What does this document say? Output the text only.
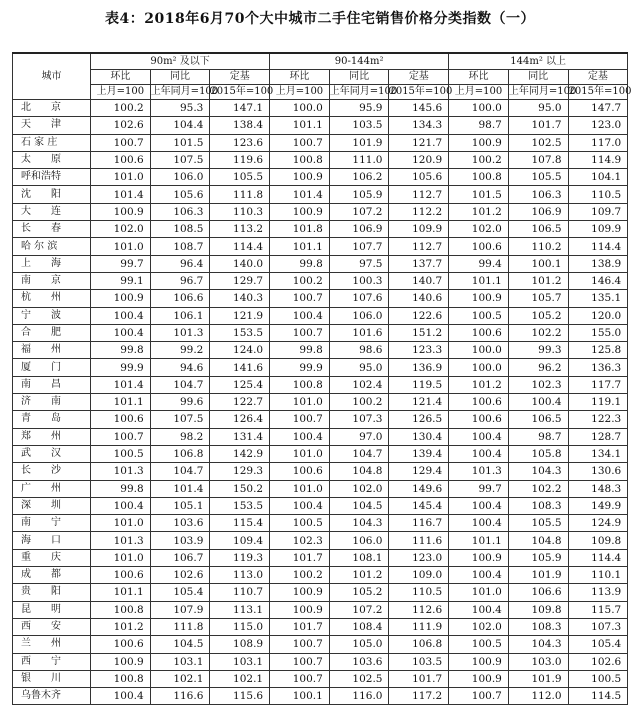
表4：2018年6月70个大中城市二手住宅销售价格分类指数（一）
城市	90m² 及以下			90-144m²			144m² 以上		
	环比	同比	定基	环比	同比	定基	环比	同比	定基
	上月=100	上年同月=100	2015年=100	上月=100	上年同月=100	2015年=100	上月=100	上年同月=100	2015年=100
北　　京	100.2	95.3	147.1	100.0	95.9	145.6	100.0	95.0	147.7
天　　津	102.6	104.4	138.4	101.1	103.5	134.3	98.7	101.7	123.0
石 家 庄	100.7	101.5	123.6	100.7	101.9	121.7	100.9	102.5	117.0
太　　原	100.6	107.5	119.6	100.8	111.0	120.9	100.2	107.8	114.9
呼和浩特	101.0	106.0	105.5	100.9	106.2	105.6	100.8	105.5	104.1
沈　　阳	101.4	105.6	111.8	101.4	105.9	112.7	101.5	106.3	110.5
大　　连	100.9	106.3	110.3	100.9	107.2	112.2	101.2	106.9	109.7
长　　春	102.0	108.5	113.2	101.8	106.9	109.9	102.0	106.5	109.9
哈 尔 滨	101.0	108.7	114.4	101.1	107.7	112.7	100.6	110.2	114.4
上　　海	99.7	96.4	140.0	99.8	97.5	137.7	99.4	100.1	138.9
南　　京	99.1	96.7	129.7	100.2	100.3	140.7	101.1	101.2	146.4
杭　　州	100.9	106.6	140.3	100.7	107.6	140.6	100.9	105.7	135.1
宁　　波	100.4	106.1	121.9	100.4	106.0	122.6	100.5	105.2	120.0
合　　肥	100.4	101.3	153.5	100.7	101.6	151.2	100.6	102.2	155.0
福　　州	99.8	99.2	124.0	99.8	98.6	123.3	100.0	99.3	125.8
厦　　门	99.9	94.6	141.6	99.9	95.0	136.9	100.0	96.2	136.3
南　　昌	101.4	104.7	125.4	100.8	102.4	119.5	101.2	102.3	117.7
济　　南	101.1	99.6	122.7	101.0	100.2	121.4	100.6	100.4	119.1
青　　岛	100.6	107.5	126.4	100.7	107.3	126.5	100.6	106.5	122.3
郑　　州	100.7	98.2	131.4	100.4	97.0	130.4	100.4	98.7	128.7
武　　汉	100.5	106.8	142.9	101.0	104.7	139.4	100.4	105.8	134.1
长　　沙	101.3	104.7	129.3	100.6	104.8	129.4	101.3	104.3	130.6
广　　州	99.8	101.4	150.2	101.0	102.0	149.6	99.7	102.2	148.3
深　　圳	100.4	105.1	153.5	100.4	104.5	145.4	100.4	108.3	149.9
南　　宁	101.0	103.6	115.4	100.5	104.3	116.7	100.4	105.5	124.9
海　　口	101.3	103.9	109.4	102.3	106.0	111.6	101.1	104.8	109.8
重　　庆	101.0	106.7	119.3	101.7	108.1	123.0	100.9	105.9	114.4
成　　都	100.6	102.6	113.0	100.2	101.2	109.0	100.4	101.9	110.1
贵　　阳	101.1	105.4	110.7	100.9	105.2	110.5	101.0	106.6	113.9
昆　　明	100.8	107.9	113.1	100.9	107.2	112.6	100.4	109.8	115.7
西　　安	101.2	111.8	115.0	101.7	108.4	111.9	102.0	108.3	107.3
兰　　州	100.6	104.5	108.9	100.7	105.0	106.8	100.5	104.3	105.4
西　　宁	100.9	103.1	103.1	100.7	103.6	103.5	100.9	103.0	102.6
银　　川	100.8	102.1	102.1	100.7	102.5	101.7	100.9	101.9	100.5
乌鲁木齐	100.4	116.6	115.6	100.1	116.0	117.2	100.7	112.0	114.5
